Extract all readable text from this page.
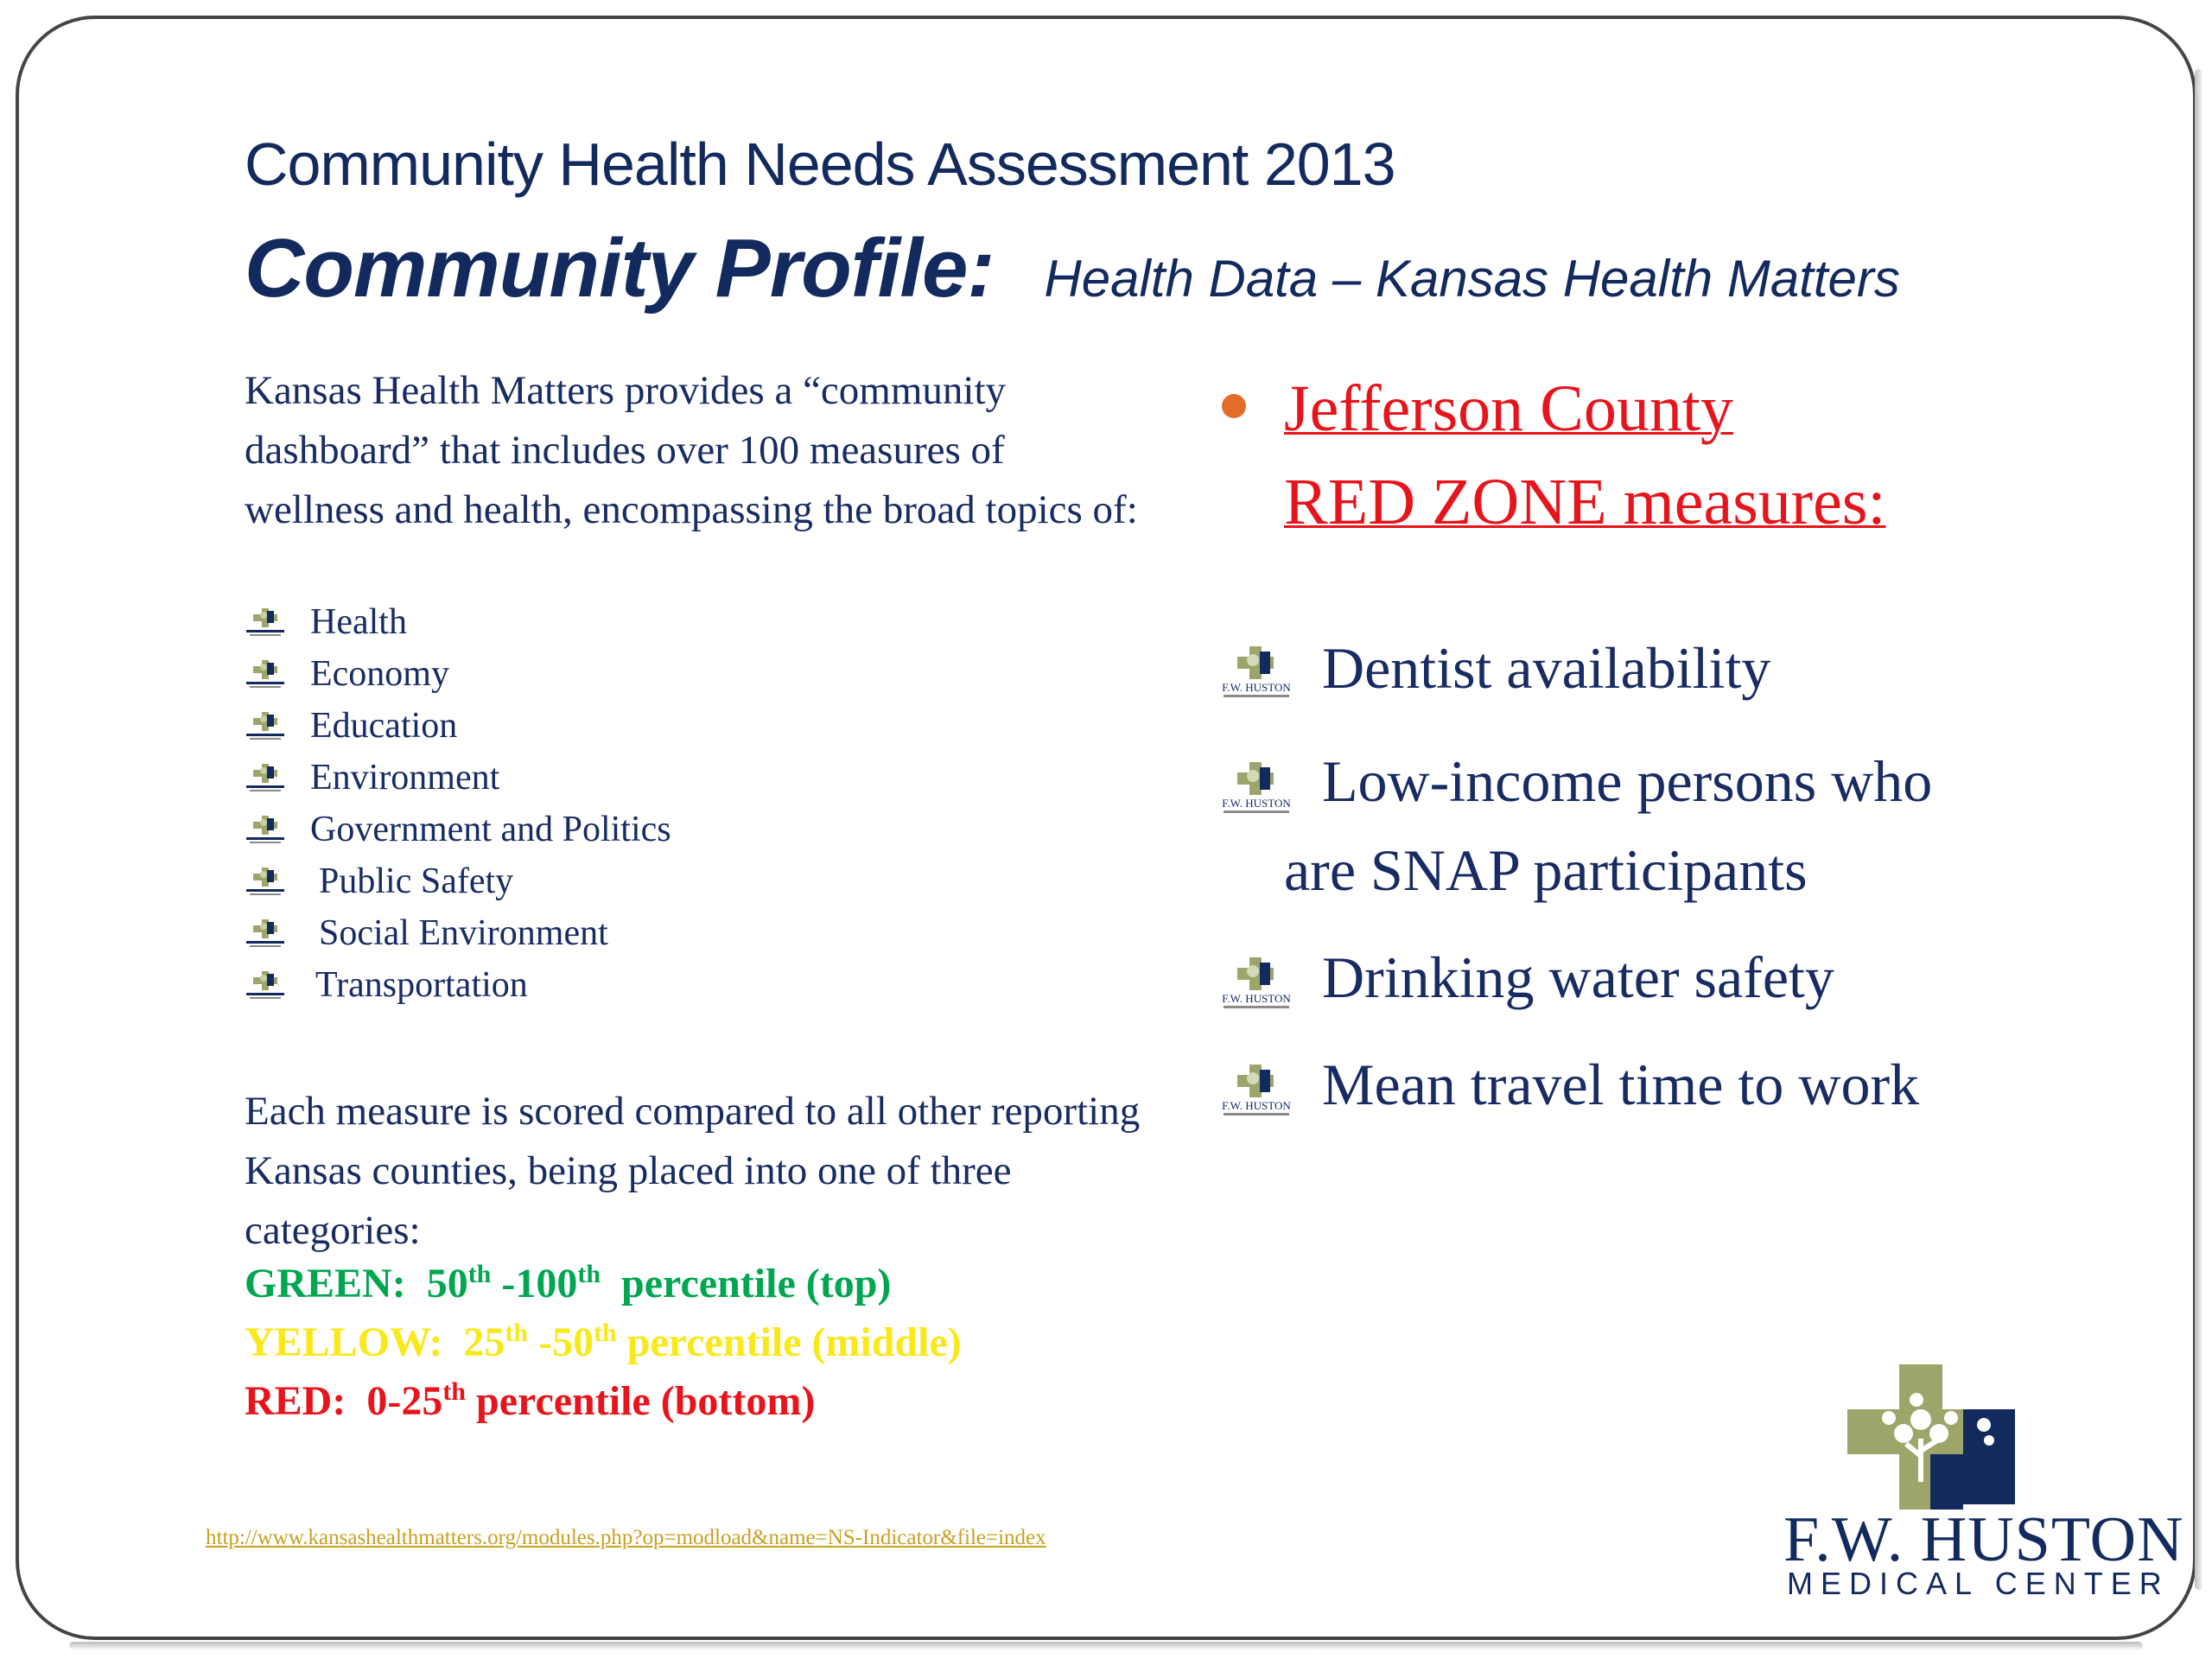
Community Health Needs Assessment 2013
Community Profile: Health Data – Kansas Health Matters

Kansas Health Matters provides a “community dashboard” that includes over 100 measures of wellness and health, encompassing the broad topics of:

Health
Economy
Education
Environment
Government and Politics
Public Safety
Social Environment
Transportation

Each measure is scored compared to all other reporting Kansas counties, being placed into one of three categories:

GREEN: 50th -100th percentile (top)

YELLOW: 25th -50th percentile (middle)

RED: 0-25th percentile (bottom)

Jefferson County

RED ZONE measures:

F.W. HUSTON Dentist availability

F.W. HUSTON Low-income persons who

are SNAP participants

F.W. HUSTON Drinking water safety

F.W. HUSTON Mean travel time to work

http://www.kansashealthmatters.org/modules.php?op=modload&name=NS-Indicator&file=index	F.W. HUSTON

MEDICAL CENTER
